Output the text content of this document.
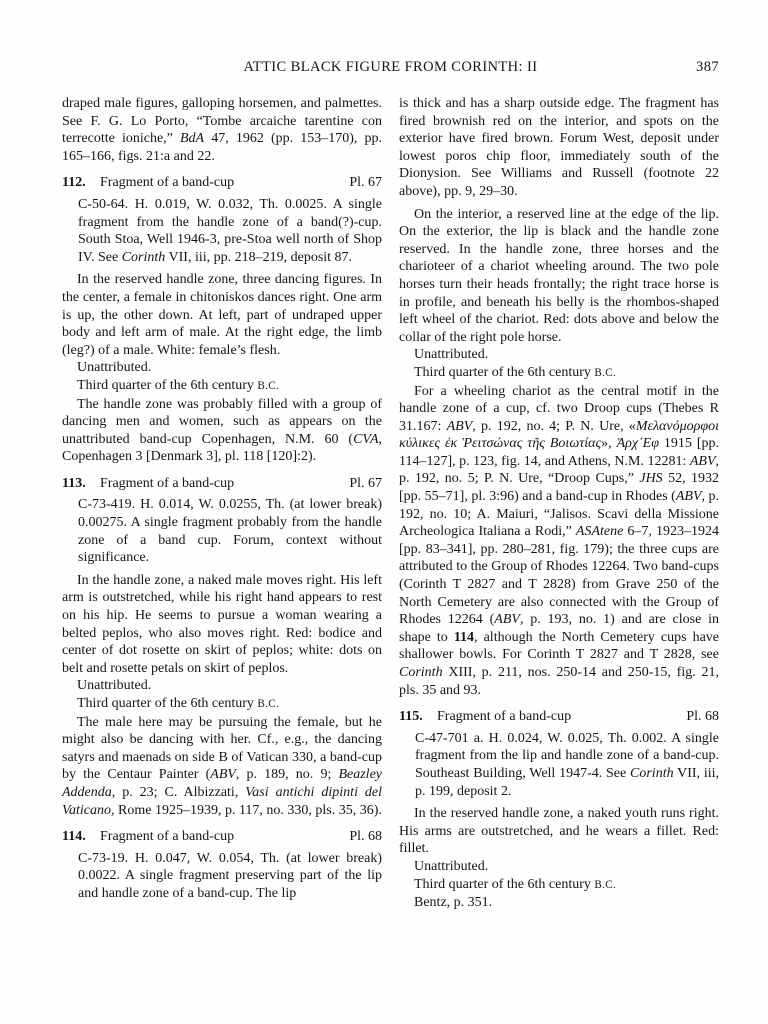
ATTIC BLACK FIGURE FROM CORINTH: II	387

draped male figures, galloping horsemen, and palmettes. See F. G. Lo Porto, “Tombe arcaiche tarentine con terrecotte ioniche,” BdA 47, 1962 (pp. 153–170), pp. 165–166, figs. 21:a and 22.

112.	Fragment of a band-cup	Pl. 67

C-50-64. H. 0.019, W. 0.032, Th. 0.0025. A single fragment from the handle zone of a band(?)-cup. South Stoa, Well 1946-3, pre-Stoa well north of Shop IV. See Corinth VII, iii, pp. 218–219, deposit 87.

In the reserved handle zone, three dancing figures. In the center, a female in chitoniskos dances right. One arm is up, the other down. At left, part of undraped upper body and left arm of male. At the right edge, the limb (leg?) of a male. White: female’s flesh.

Unattributed.

Third quarter of the 6th century B.C.

The handle zone was probably filled with a group of dancing men and women, such as appears on the unattributed band-cup Copenhagen, N.M. 60 (CVA, Copenhagen 3 [Denmark 3], pl. 118 [120]:2).

113.	Fragment of a band-cup	Pl. 67

C-73-419. H. 0.014, W. 0.0255, Th. (at lower break) 0.00275. A single fragment probably from the handle zone of a band cup. Forum, context without significance.

In the handle zone, a naked male moves right. His left arm is outstretched, while his right hand appears to rest on his hip. He seems to pursue a woman wearing a belted peplos, who also moves right. Red: bodice and center of dot rosette on skirt of peplos; white: dots on belt and rosette petals on skirt of peplos.

Unattributed.

Third quarter of the 6th century B.C.

The male here may be pursuing the female, but he might also be dancing with her. Cf., e.g., the dancing satyrs and maenads on side B of Vatican 330, a band-cup by the Centaur Painter (ABV, p. 189, no. 9; Beazley Addenda, p. 23; C. Albizzati, Vasi antichi dipinti del Vaticano, Rome 1925–1939, p. 117, no. 330, pls. 35, 36).

114.	Fragment of a band-cup	Pl. 68

C-73-19. H. 0.047, W. 0.054, Th. (at lower break) 0.0022. A single fragment preserving part of the lip and handle zone of a band-cup. The lip

is thick and has a sharp outside edge. The fragment has fired brownish red on the interior, and spots on the exterior have fired brown. Forum West, deposit under lowest poros chip floor, immediately south of the Dionysion. See Williams and Russell (footnote 22 above), pp. 9, 29–30.

On the interior, a reserved line at the edge of the lip. On the exterior, the lip is black and the handle zone reserved. In the handle zone, three horses and the charioteer of a chariot wheeling around. The two pole horses turn their heads frontally; the right trace horse is in profile, and beneath his belly is the rhombos-shaped left wheel of the chariot. Red: dots above and below the collar of the right pole horse.

Unattributed.

Third quarter of the 6th century B.C.

For a wheeling chariot as the central motif in the handle zone of a cup, cf. two Droop cups (Thebes R 31.167: ABV, p. 192, no. 4; P. N. Ure, «Μελανόμορφοι κύλικες ἐκ Ῥειτσώνας τῆς Βοιωτίας», Ἀρχ᾽Εφ 1915 [pp. 114–127], p. 123, fig. 14, and Athens, N.M. 12281: ABV, p. 192, no. 5; P. N. Ure, “Droop Cups,” JHS 52, 1932 [pp. 55–71], pl. 3:96) and a band-cup in Rhodes (ABV, p. 192, no. 10; A. Maiuri, “Jalisos. Scavi della Missione Archeologica Italiana a Rodi,” ASAtene 6–7, 1923–1924 [pp. 83–341], pp. 280–281, fig. 179); the three cups are attributed to the Group of Rhodes 12264. Two band-cups (Corinth T 2827 and T 2828) from Grave 250 of the North Cemetery are also connected with the Group of Rhodes 12264 (ABV, p. 193, no. 1) and are close in shape to 114, although the North Cemetery cups have shallower bowls. For Corinth T 2827 and T 2828, see Corinth XIII, p. 211, nos. 250-14 and 250-15, fig. 21, pls. 35 and 93.

115.	Fragment of a band-cup	Pl. 68

C-47-701 a. H. 0.024, W. 0.025, Th. 0.002. A single fragment from the lip and handle zone of a band-cup. Southeast Building, Well 1947-4. See Corinth VII, iii, p. 199, deposit 2.

In the reserved handle zone, a naked youth runs right. His arms are outstretched, and he wears a fillet. Red: fillet.

Unattributed.

Third quarter of the 6th century B.C.

Bentz, p. 351.
